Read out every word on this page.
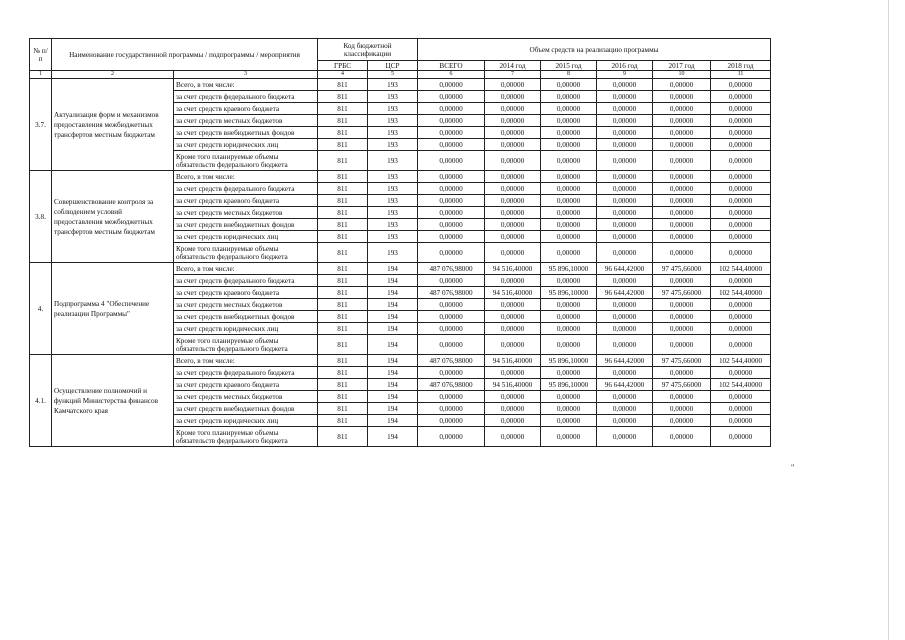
№ п/п	Наименование государственной программы / подпрограммы / мероприятия		Код бюджетной классификации		Объем средств на реализацию программы					
			ГРБС	ЦСР	ВСЕГО	2014 год	2015 год	2016 год	2017 год	2018 год
1	2	3	4	5	6	7	8	9	10	11
3.7.	Актуализация форм и механизмов предоставления межбюджетных трансфертов местным бюджетам	Всего, в том числе:	811	193	0,00000	0,00000	0,00000	0,00000	0,00000	0,00000
		за счет средств федерального бюджета	811	193	0,00000	0,00000	0,00000	0,00000	0,00000	0,00000
		за счет средств краевого бюджета	811	193	0,00000	0,00000	0,00000	0,00000	0,00000	0,00000
		за счет средств местных бюджетов	811	193	0,00000	0,00000	0,00000	0,00000	0,00000	0,00000
		за счет средств внебюджетных фондов	811	193	0,00000	0,00000	0,00000	0,00000	0,00000	0,00000
		за счет средств юридических лиц	811	193	0,00000	0,00000	0,00000	0,00000	0,00000	0,00000
		Кроме того планируемые объемы обязательств федерального бюджета	811	193	0,00000	0,00000	0,00000	0,00000	0,00000	0,00000
3.8.	Совершенствование контроля за соблюдением условий предоставления межбюджетных трансфертов местным бюджетам	Всего, в том числе:	811	193	0,00000	0,00000	0,00000	0,00000	0,00000	0,00000
		за счет средств федерального бюджета	811	193	0,00000	0,00000	0,00000	0,00000	0,00000	0,00000
		за счет средств краевого бюджета	811	193	0,00000	0,00000	0,00000	0,00000	0,00000	0,00000
		за счет средств местных бюджетов	811	193	0,00000	0,00000	0,00000	0,00000	0,00000	0,00000
		за счет средств внебюджетных фондов	811	193	0,00000	0,00000	0,00000	0,00000	0,00000	0,00000
		за счет средств юридических лиц	811	193	0,00000	0,00000	0,00000	0,00000	0,00000	0,00000
		Кроме того планируемые объемы обязательств федерального бюджета	811	193	0,00000	0,00000	0,00000	0,00000	0,00000	0,00000
4.	Подпрограмма 4 "Обеспечение реализации Программы"	Всего, в том числе:	811	194	487 076,98000	94 516,40000	95 896,10000	96 644,42000	97 475,66000	102 544,40000
		за счет средств федерального бюджета	811	194	0,00000	0,00000	0,00000	0,00000	0,00000	0,00000
		за счет средств краевого бюджета	811	194	487 076,98000	94 516,40000	95 896,10000	96 644,42000	97 475,66000	102 544,40000
		за счет средств местных бюджетов	811	194	0,00000	0,00000	0,00000	0,00000	0,00000	0,00000
		за счет средств внебюджетных фондов	811	194	0,00000	0,00000	0,00000	0,00000	0,00000	0,00000
		за счет средств юридических лиц	811	194	0,00000	0,00000	0,00000	0,00000	0,00000	0,00000
		Кроме того планируемые объемы обязательств федерального бюджета	811	194	0,00000	0,00000	0,00000	0,00000	0,00000	0,00000
4.1.	Осуществление полномочий и функций Министерства финансов Камчатского края	Всего, в том числе:	811	194	487 076,98000	94 516,40000	95 896,10000	96 644,42000	97 475,66000	102 544,40000
		за счет средств федерального бюджета	811	194	0,00000	0,00000	0,00000	0,00000	0,00000	0,00000
		за счет средств краевого бюджета	811	194	487 076,98000	94 516,40000	95 896,10000	96 644,42000	97 475,66000	102 544,40000
		за счет средств местных бюджетов	811	194	0,00000	0,00000	0,00000	0,00000	0,00000	0,00000
		за счет средств внебюджетных фондов	811	194	0,00000	0,00000	0,00000	0,00000	0,00000	0,00000
		за счет средств юридических лиц	811	194	0,00000	0,00000	0,00000	0,00000	0,00000	0,00000
		Кроме того планируемые объемы обязательств федерального бюджета	811	194	0,00000	0,00000	0,00000	0,00000	0,00000	0,00000
"
